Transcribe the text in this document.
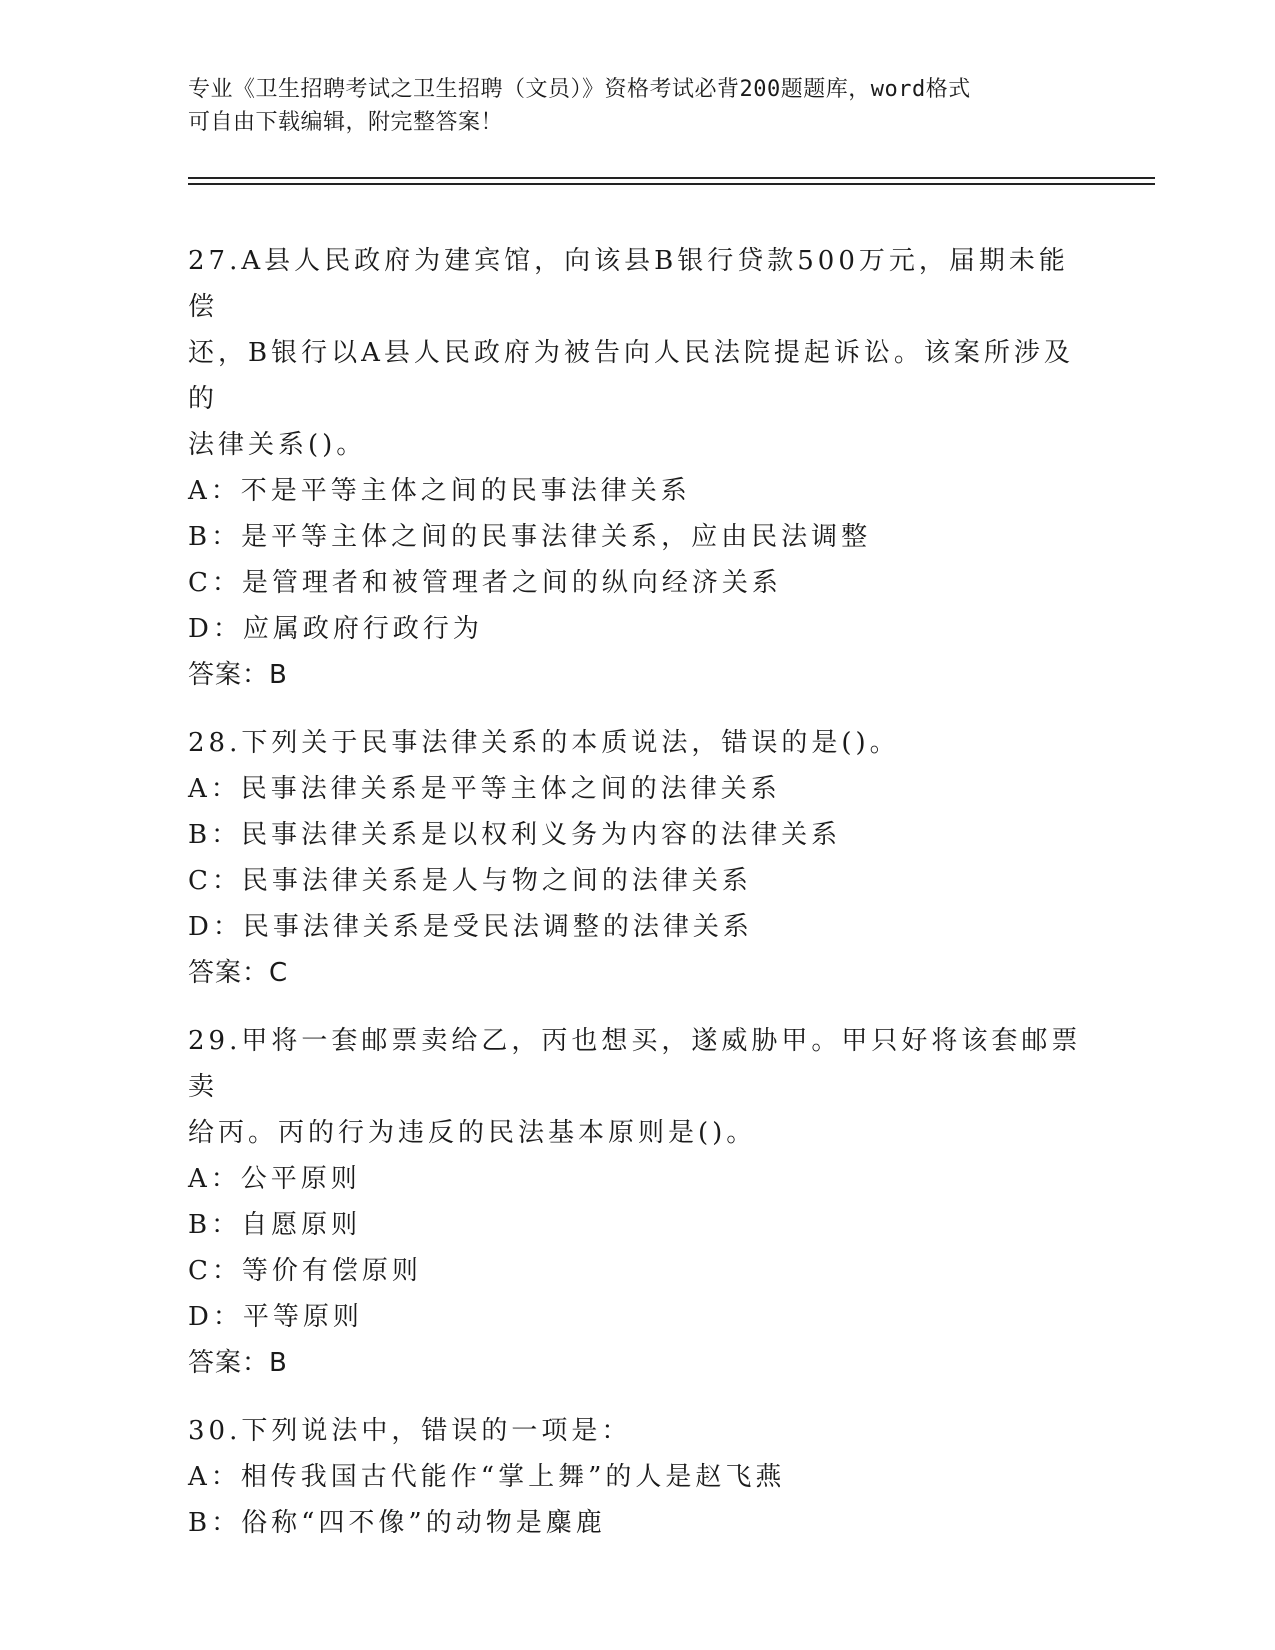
专业《卫生招聘考试之卫生招聘（文员）》资格考试必背200题题库，word格式
可自由下载编辑，附完整答案！

27.A县人民政府为建宾馆，向该县B银行贷款500万元，届期未能偿

还，B银行以A县人民政府为被告向人民法院提起诉讼。该案所涉及的

法律关系()。

A：不是平等主体之间的民事法律关系

B：是平等主体之间的民事法律关系，应由民法调整

C：是管理者和被管理者之间的纵向经济关系

D：应属政府行政行为

答案：B

28.下列关于民事法律关系的本质说法，错误的是()。

A：民事法律关系是平等主体之间的法律关系

B：民事法律关系是以权利义务为内容的法律关系

C：民事法律关系是人与物之间的法律关系

D：民事法律关系是受民法调整的法律关系

答案：C

29.甲将一套邮票卖给乙，丙也想买，遂威胁甲。甲只好将该套邮票卖

给丙。丙的行为违反的民法基本原则是()。

A：公平原则

B：自愿原则

C：等价有偿原则

D：平等原则

答案：B

30.下列说法中，错误的一项是：

A：相传我国古代能作“掌上舞”的人是赵飞燕

B：俗称“四不像”的动物是麋鹿
